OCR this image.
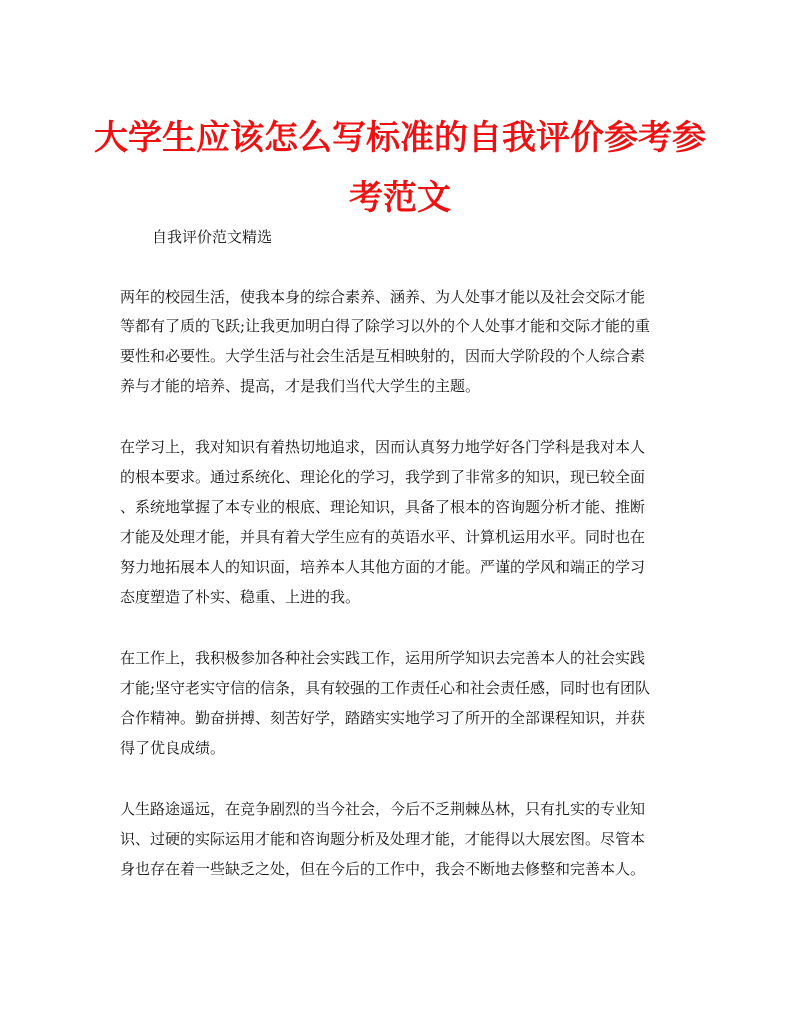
大学生应该怎么写标准的自我评价参考参
考范文
自我评价范文精选
两年的校园生活，使我本身的综合素养、涵养、为人处事才能以及社会交际才能
等都有了质的飞跃;让我更加明白得了除学习以外的个人处事才能和交际才能的重
要性和必要性。大学生活与社会生活是互相映射的，因而大学阶段的个人综合素
养与才能的培养、提高，才是我们当代大学生的主题。
在学习上，我对知识有着热切地追求，因而认真努力地学好各门学科是我对本人
的根本要求。通过系统化、理论化的学习，我学到了非常多的知识，现已较全面
、系统地掌握了本专业的根底、理论知识，具备了根本的咨询题分析才能、推断
才能及处理才能，并具有着大学生应有的英语水平、计算机运用水平。同时也在
努力地拓展本人的知识面，培养本人其他方面的才能。严谨的学风和端正的学习
态度塑造了朴实、稳重、上进的我。
在工作上，我积极参加各种社会实践工作，运用所学知识去完善本人的社会实践
才能;坚守老实守信的信条，具有较强的工作责任心和社会责任感，同时也有团队
合作精神。勤奋拼搏、刻苦好学，踏踏实实地学习了所开的全部课程知识，并获
得了优良成绩。
人生路途遥远，在竞争剧烈的当今社会，今后不乏荆棘丛林，只有扎实的专业知
识、过硬的实际运用才能和咨询题分析及处理才能，才能得以大展宏图。尽管本
身也存在着一些缺乏之处，但在今后的工作中，我会不断地去修整和完善本人。
